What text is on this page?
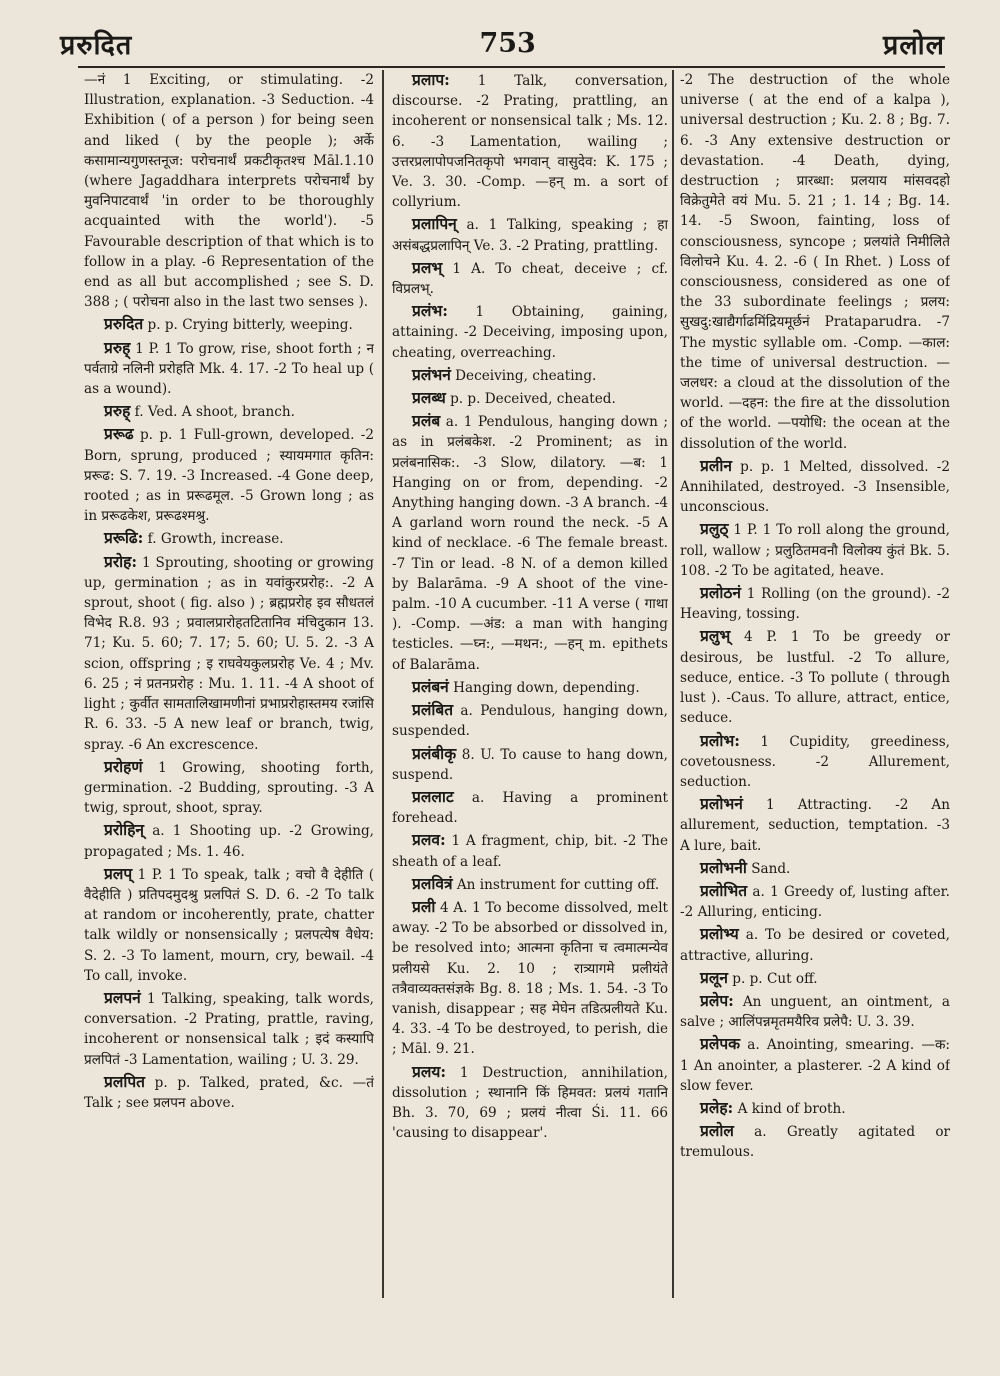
प्ररुदित	753	प्रलोल

—नं 1 Exciting, or stimulating. -2 Illustration, explanation. -3 Seduction. -4 Exhibition ( of a person ) for being seen and liked ( by the people ); अर्के कसामान्यगुणस्तनूज: परोचनार्थं प्रकटीकृतश्च Māl.1.10 (where Jagaddhara interprets परोचनार्थं by मुवनिपाटवार्थं 'in order to be thoroughly acquainted with the world'). -5 Favourable description of that which is to follow in a play. -6 Representation of the end as all but accomplished ; see S. D. 388 ; ( परोचना also in the last two senses ).

प्ररुदित p. p. Crying bitterly, weeping.

प्ररुह् 1 P. 1 To grow, rise, shoot forth ; न पर्वताग्रे नलिनी प्ररोहति Mk. 4. 17. -2 To heal up ( as a wound).

प्ररुह् f. Ved. A shoot, branch.

प्ररूढ p. p. 1 Full-grown, developed. -2 Born, sprung, produced ; स्यायमगात कृतिन: प्ररूढ: S. 7. 19. -3 Increased. -4 Gone deep, rooted ; as in प्ररूढमूल. -5 Grown long ; as in प्ररूढकेश, प्ररूढश्मश्रु.

प्ररूढि: f. Growth, increase.

प्ररोह: 1 Sprouting, shooting or growing up, germination ; as in यवांकुरप्ररोह:. -2 A sprout, shoot ( fig. also ) ; ब्रह्मप्ररोह इव सौधतलं विभेद R.8. 93 ; प्रवालप्रारोहतटितानिव मंचिदुकान 13. 71; Ku. 5. 60; 7. 17; 5. 60; U. 5. 2. -3 A scion, offspring ; इ राघवेयकुलप्ररोह Ve. 4 ; Mv. 6. 25 ; नं प्रतनप्ररोह : Mu. 1. 11. -4 A shoot of light ; कुर्वीत सामतालिखामणीनां प्रभाप्ररोहास्तमय रजांसि R. 6. 33. -5 A new leaf or branch, twig, spray. -6 An excrescence.

प्ररोहणं 1 Growing, shooting forth, germination. -2 Budding, sprouting. -3 A twig, sprout, shoot, spray.

प्ररोहिन् a. 1 Shooting up. -2 Growing, propagated ; Ms. 1. 46.

प्रलप् 1 P. 1 To speak, talk ; वचो वै देहीति ( वैदेहीति ) प्रतिपदमुदश्रु प्रलपितं S. D. 6. -2 To talk at random or incoherently, prate, chatter talk wildly or nonsensically ; प्रलपत्येष वैधेय: S. 2. -3 To lament, mourn, cry, bewail. -4 To call, invoke.

प्रलपनं 1 Talking, speaking, talk words, conversation. -2 Prating, prattle, raving, incoherent or nonsensical talk ; इदं कस्यापि प्रलपितं -3 Lamentation, wailing ; U. 3. 29.

प्रलपित p. p. Talked, prated, &c. —तं Talk ; see प्रलपन above.

प्रलाप: 1 Talk, conversation, discourse. -2 Prating, prattling, an incoherent or nonsensical talk ; Ms. 12. 6. -3 Lamentation, wailing ; उत्तरप्रलापोपजनितकृपो भगवान् वासुदेव: K. 175 ; Ve. 3. 30. -Comp. —हन् m. a sort of collyrium.

प्रलापिन् a. 1 Talking, speaking ; हा असंबद्धप्रलापिन् Ve. 3. -2 Prating, prattling.

प्रलभ् 1 A. To cheat, deceive ; cf. विप्रलभ्.

प्रलंभ: 1 Obtaining, gaining, attaining. -2 Deceiving, imposing upon, cheating, overreaching.

प्रलंभनं Deceiving, cheating.

प्रलब्ध p. p. Deceived, cheated.

प्रलंब a. 1 Pendulous, hanging down ; as in प्रलंबकेश. -2 Prominent; as in प्रलंबनासिक:. -3 Slow, dilatory. —ब: 1 Hanging on or from, depending. -2 Anything hanging down. -3 A branch. -4 A garland worn round the neck. -5 A kind of necklace. -6 The female breast. -7 Tin or lead. -8 N. of a demon killed by Balarāma. -9 A shoot of the vine-palm. -10 A cucumber. -11 A verse ( गाथा ). -Comp. —अंड: a man with hanging testicles. —घ्न:, —मथन:, —हन् m. epithets of Balarāma.

प्रलंबनं Hanging down, depending.

प्रलंबित a. Pendulous, hanging down, suspended.

प्रलंबीकृ 8. U. To cause to hang down, suspend.

प्रललाट a. Having a prominent forehead.

प्रलव: 1 A fragment, chip, bit. -2 The sheath of a leaf.

प्रलवित्रं An instrument for cutting off.

प्रली 4 A. 1 To become dissolved, melt away. -2 To be absorbed or dissolved in, be resolved into; आत्मना कृतिना च त्वमात्मन्येव प्रलीयसे Ku. 2. 10 ; रात्र्यागमे प्रलीयंते तत्रैवाव्यक्तसंज्ञके Bg. 8. 18 ; Ms. 1. 54. -3 To vanish, disappear ; सह मेघेन तडित्प्रलीयते Ku. 4. 33. -4 To be destroyed, to perish, die ; Māl. 9. 21.

प्रलय: 1 Destruction, annihilation, dissolution ; स्थानानि किं हिमवत: प्रलयं गतानि Bh. 3. 70, 69 ; प्रलयं नीत्वा Śi. 11. 66 'causing to disappear'.

-2 The destruction of the whole universe ( at the end of a kalpa ), universal destruction ; Ku. 2. 8 ; Bg. 7. 6. -3 Any extensive destruction or devastation. -4 Death, dying, destruction ; प्रारब्धा: प्रलयाय मांसवदहो विक्रेतुमेते वयं Mu. 5. 21 ; 1. 14 ; Bg. 14. 14. -5 Swoon, fainting, loss of consciousness, syncope ; प्रलयांते निमीलिते विलोचने Ku. 4. 2. -6 ( In Rhet. ) Loss of consciousness, considered as one of the 33 subordinate feelings ; प्रलय: सुखदु:खाद्यैर्गाढमिंद्रियमूर्छनं Prataparudra. -7 The mystic syllable om. -Comp. —काल: the time of universal destruction. —जलधर: a cloud at the dissolution of the world. —दहन: the fire at the dissolution of the world. —पयोधि: the ocean at the dissolution of the world.

प्रलीन p. p. 1 Melted, dissolved. -2 Annihilated, destroyed. -3 Insensible, unconscious.

प्रलुठ् 1 P. 1 To roll along the ground, roll, wallow ; प्रलुठितमवनौ विलोक्य कुंतं Bk. 5. 108. -2 To be agitated, heave.

प्रलोठनं 1 Rolling (on the ground). -2 Heaving, tossing.

प्रलुभ् 4 P. 1 To be greedy or desirous, be lustful. -2 To allure, seduce, entice. -3 To pollute ( through lust ). -Caus. To allure, attract, entice, seduce.

प्रलोभ: 1 Cupidity, greediness, covetousness. -2 Allurement, seduction.

प्रलोभनं 1 Attracting. -2 An allurement, seduction, temptation. -3 A lure, bait.

प्रलोभनी Sand.

प्रलोभित a. 1 Greedy of, lusting after. -2 Alluring, enticing.

प्रलोभ्य a. To be desired or coveted, attractive, alluring.

प्रलून p. p. Cut off.

प्रलेप: An unguent, an ointment, a salve ; आलिंपन्नमृतमयैरिव प्रलेपै: U. 3. 39.

प्रलेपक a. Anointing, smearing. —क: 1 An anointer, a plasterer. -2 A kind of slow fever.

प्रलेह: A kind of broth.

प्रलोल a. Greatly agitated or tremulous.
